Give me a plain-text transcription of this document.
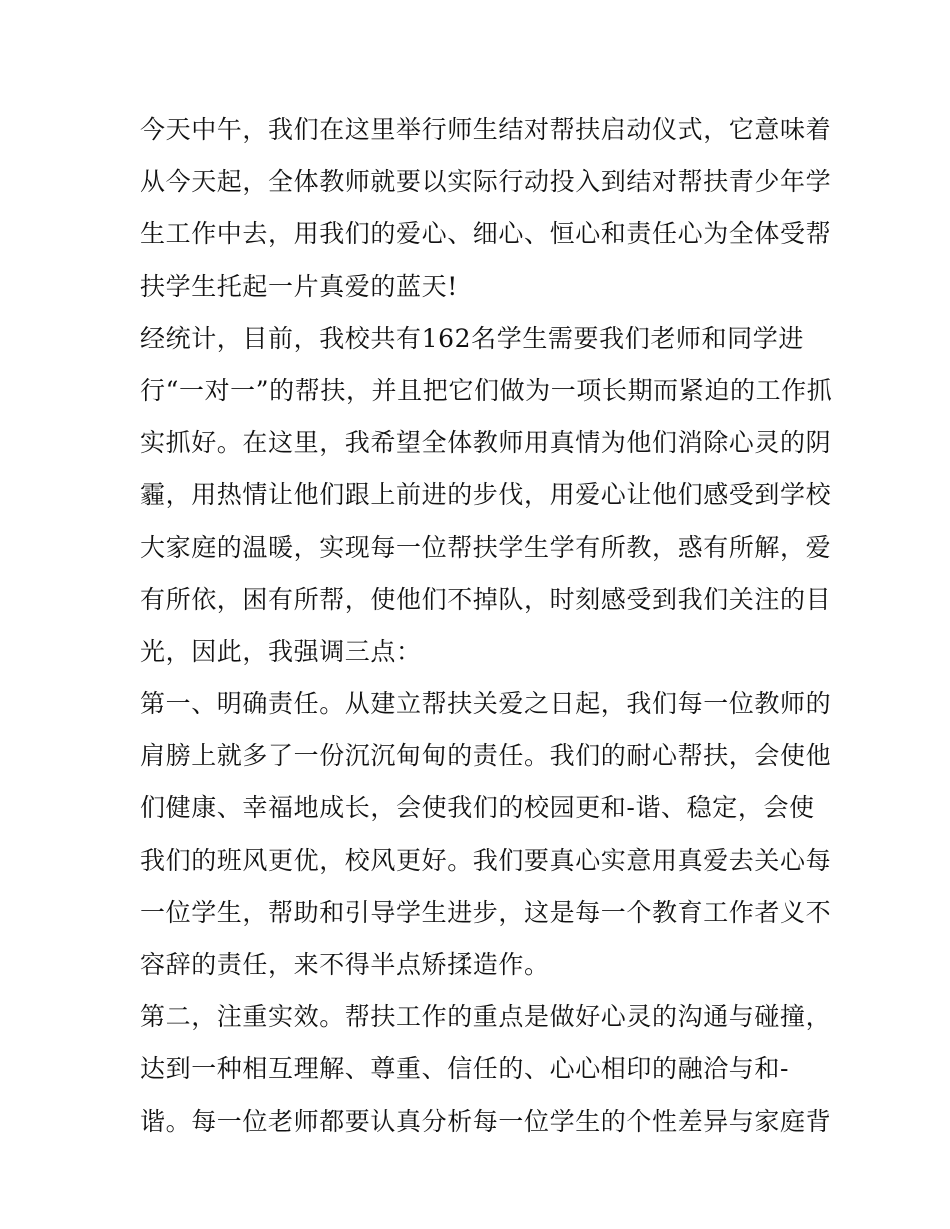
今天中午，我们在这里举行师生结对帮扶启动仪式，它意味着
从今天起，全体教师就要以实际行动投入到结对帮扶青少年学
生工作中去，用我们的爱心、细心、恒心和责任心为全体受帮
扶学生托起一片真爱的蓝天!
经统计，目前，我校共有162名学生需要我们老师和同学进
行“一对一”的帮扶，并且把它们做为一项长期而紧迫的工作抓
实抓好。在这里，我希望全体教师用真情为他们消除心灵的阴
霾，用热情让他们跟上前进的步伐，用爱心让他们感受到学校
大家庭的温暖，实现每一位帮扶学生学有所教，惑有所解，爱
有所依，困有所帮，使他们不掉队，时刻感受到我们关注的目
光，因此，我强调三点：
第一、明确责任。从建立帮扶关爱之日起，我们每一位教师的
肩膀上就多了一份沉沉甸甸的责任。我们的耐心帮扶，会使他
们健康、幸福地成长，会使我们的校园更和-谐、稳定，会使
我们的班风更优，校风更好。我们要真心实意用真爱去关心每
一位学生，帮助和引导学生进步，这是每一个教育工作者义不
容辞的责任，来不得半点矫揉造作。
第二，注重实效。帮扶工作的重点是做好心灵的沟通与碰撞，
达到一种相互理解、尊重、信任的、心心相印的融洽与和-
谐。每一位老师都要认真分析每一位学生的个性差异与家庭背
